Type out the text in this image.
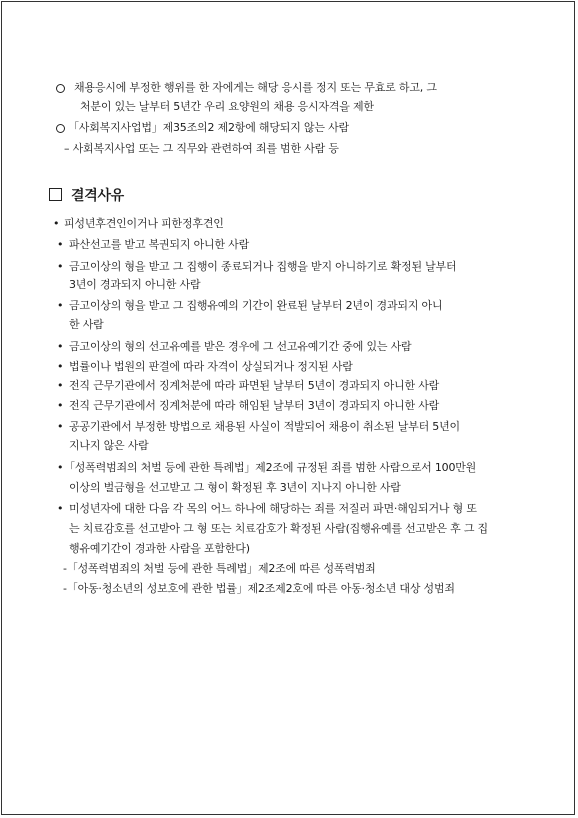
채용응시에 부정한 행위를 한 자에게는 해당 응시를 정지 또는 무효로 하고, 그
처분이 있는 날부터 5년간 우리 요양원의 채용 응시자격을 제한
「사회복지사업법」제35조의2 제2항에 해당되지 않는 사람
– 사회복지사업 또는 그 직무와 관련하여 죄를 범한 사람 등
결격사유
• 피성년후견인이거나 피한정후견인
• 파산선고를 받고 복권되지 아니한 사람
• 금고이상의 형을 받고 그 집행이 종료되거나 집행을 받지 아니하기로 확정된 날부터
3년이 경과되지 아니한 사람
• 금고이상의 형을 받고 그 집행유예의 기간이 완료된 날부터 2년이 경과되지 아니
한 사람
• 금고이상의 형의 선고유예를 받은 경우에 그 선고유예기간 중에 있는 사람
• 법률이나 법원의 판결에 따라 자격이 상실되거나 정지된 사람
• 전직 근무기관에서 징계처분에 따라 파면된 날부터 5년이 경과되지 아니한 사람
• 전직 근무기관에서 징계처분에 따라 해임된 날부터 3년이 경과되지 아니한 사람
• 공공기관에서 부정한 방법으로 채용된 사실이 적발되어 채용이 취소된 날부터 5년이
지나지 않은 사람
• 「성폭력범죄의 처벌 등에 관한 특례법」제2조에 규정된 죄를 범한 사람으로서 100만원
이상의 벌금형을 선고받고 그 형이 확정된 후 3년이 지나지 아니한 사람
• 미성년자에 대한 다음 각 목의 어느 하나에 해당하는 죄를 저질러 파면·해임되거나 형 또
는 치료감호를 선고받아 그 형 또는 치료감호가 확정된 사람(집행유예를 선고받은 후 그 집
행유예기간이 경과한 사람을 포함한다)
-「성폭력범죄의 처벌 등에 관한 특례법」제2조에 따른 성폭력범죄
-「아동·청소년의 성보호에 관한 법률」제2조제2호에 따른 아동·청소년 대상 성범죄
